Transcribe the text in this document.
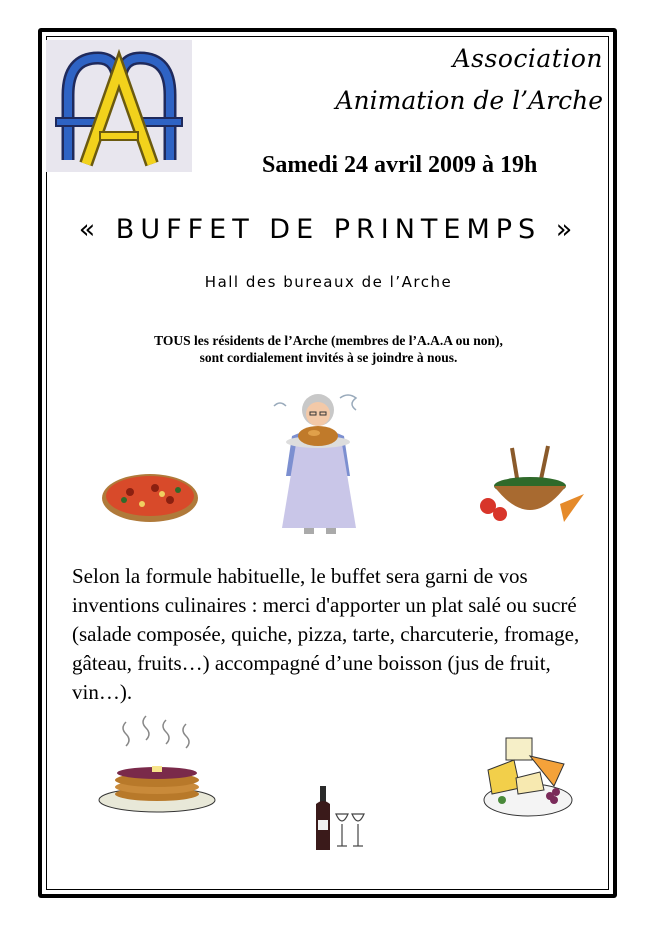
Association
Animation de l’Arche
Samedi 24 avril 2009 à 19h
« BUFFET DE PRINTEMPS »
Hall des bureaux de l’Arche
TOUS les résidents de l’Arche (membres de l’A.A.A ou non),
sont cordialement invités à se joindre à nous.
Selon la formule habituelle, le buffet sera garni de vos inventions culinaires : merci d'apporter un plat salé ou sucré (salade composée, quiche, pizza, tarte, charcuterie, fromage, gâteau, fruits…) accompagné d’une boisson (jus de fruit, vin…).
